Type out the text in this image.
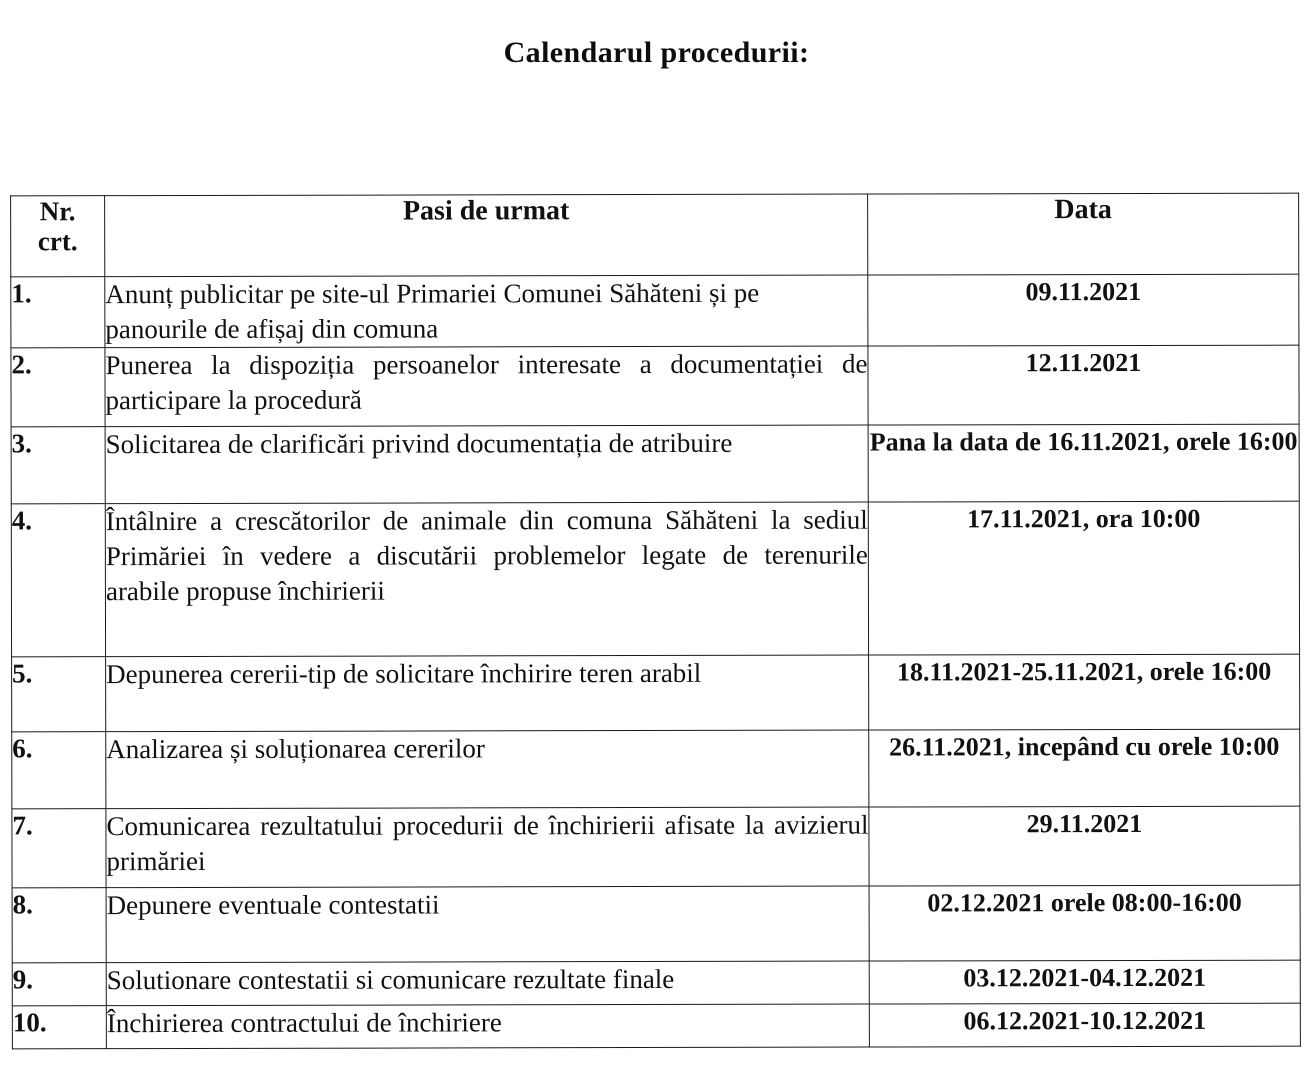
Calendarul procedurii:
Nr.
crt.	Pasi de urmat	Data
1.	Anunț publicitar pe site-ul Primariei Comunei Săhăteni și pe panourile de afișaj din comuna	09.11.2021
2.	Punerea la dispoziția persoanelor interesate a documentației de participare la procedură	12.11.2021
3.	Solicitarea de clarificări privind documentația de atribuire	Pana la data de 16.11.2021, orele 16:00
4.	Întâlnire a crescătorilor de animale din comuna Săhăteni la sediul Primăriei în vedere a discutării problemelor legate de terenurile arabile propuse închirierii	17.11.2021, ora 10:00
5.	Depunerea cererii-tip de solicitare închirire teren arabil	18.11.2021-25.11.2021, orele 16:00
6.	Analizarea și soluționarea cererilor	26.11.2021, incepând cu orele 10:00
7.	Comunicarea rezultatului procedurii de închirierii afisate la avizierul primăriei	29.11.2021
8.	Depunere eventuale contestatii	02.12.2021 orele 08:00-16:00
9.	Solutionare contestatii si comunicare rezultate finale	03.12.2021-04.12.2021
10.	Închirierea contractului de închiriere	06.12.2021-10.12.2021
